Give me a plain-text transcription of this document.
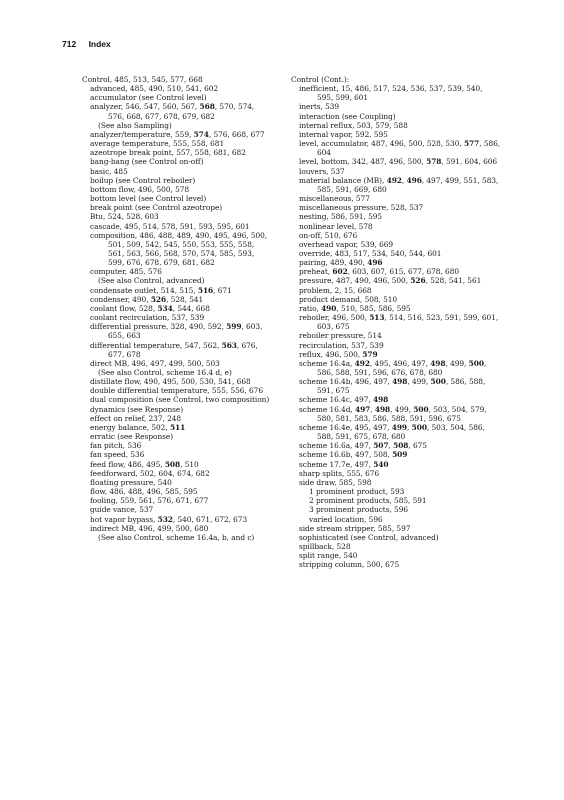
712 Index
Control, 485, 513, 545, 577, 668
advanced, 485, 490, 510, 541, 602
accumulator (see Control level)
analyzer, 546, 547, 560, 567, 568, 570, 574, 576, 668, 677, 678, 679, 682
(See also Sampling)
analyzer/temperature, 559, 574, 576, 668, 677
average temperature, 555, 558, 681
azeotrope break point, 557, 558, 681, 682
bang-bang (see Control on-off)
basic, 485
boilup (see Control reboiler)
bottom flow, 496, 500, 578
bottom level (see Control level)
break point (see Control azeotrope)
Btu, 524, 528, 603
cascade, 495, 514, 578, 591, 593, 595, 601
composition, 486, 488, 489, 490, 495, 496, 500, 501, 509, 542, 545, 550, 553, 555, 558, 561, 563, 566, 568, 570, 574, 585, 593, 599, 676, 678, 679, 681, 682
computer, 485, 576
(See also Control, advanced)
condensate outlet, 514, 515, 516, 671
condenser, 490, 526, 528, 541
coolant flow, 528, 534, 544, 668
coolant recirculation, 537, 539
differential pressure, 328, 490, 592, 599, 603, 655, 663
differential temperature, 547, 562, 563, 676, 677, 678
direct MB, 496, 497, 499, 500, 503
(See also Control, scheme 16.4 d, e)
distillate flow, 490, 495, 500, 530, 541, 668
double differential temperature, 555, 556, 676
dual composition (see Control, two composition)
dynamics (see Response)
effect on relief, 237, 248
energy balance, 502, 511
erratic (see Response)
fan pitch, 536
fan speed, 536
feed flow, 486, 495, 508, 510
feedforward, 502, 604, 674, 682
floating pressure, 540
flow, 486, 488, 496, 585, 595
fooling, 559, 561, 576, 671, 677
guide vance, 537
hot vapor bypass, 532, 540, 671, 672, 673
indirect MB, 496, 499, 500, 680
(See also Control, scheme 16.4a, b, and c)
Control (Cont.):
inefficient, 15, 486, 517, 524, 536, 537, 539, 540, 595, 599, 601
inerts, 539
interaction (see Coupling)
internal reflux, 503, 579, 588
internal vapor, 592, 595
level, accumulator, 487, 496, 500, 528, 530, 577, 586, 604
level, bottom, 342, 487, 496, 500, 578, 591, 604, 606
louvers, 537
material balance (MB), 492, 496, 497, 499, 551, 583, 585, 591, 669, 680
miscellaneous, 577
miscellaneous pressure, 528, 537
nesting, 586, 591, 595
nonlinear level, 578
on-off, 510, 676
overhead vapor, 539, 669
override, 483, 517, 534, 540, 544, 601
pairing, 489, 490, 496
preheat, 602, 603, 607, 615, 677, 678, 680
pressure, 487, 490, 496, 500, 526, 528, 541, 561
problem, 2, 15, 668
product demand, 508, 510
ratio, 490, 510, 585, 586, 595
reboiler, 496, 500, 513, 514, 516, 523, 591, 599, 601, 603, 675
reboiler pressure, 514
recirculation, 537, 539
reflux, 496, 500, 579
scheme 16.4a, 492, 495, 496, 497, 498, 499, 500, 586, 588, 591, 596, 676, 678, 680
scheme 16.4b, 496, 497, 498, 499, 500, 586, 588, 591, 675
scheme 16.4c, 497, 498
scheme 16.4d, 497, 498, 499, 500, 503, 504, 579, 580, 581, 583, 586, 588, 591, 596, 675
scheme 16.4e, 495, 497, 499, 500, 503, 504, 586, 588, 591, 675, 678, 680
scheme 16.6a, 497, 507, 508, 675
scheme 16.6b, 497, 508, 509
scheme 17.7e, 497, 540
sharp splits, 555, 676
side draw, 585, 598
1 prominent product, 593
2 prominent products, 585, 591
3 prominent products, 596
varied location, 596
side stream stripper, 585, 597
sophisticated (see Control, advanced)
spillback, 528
split range, 540
stripping column, 500, 675
